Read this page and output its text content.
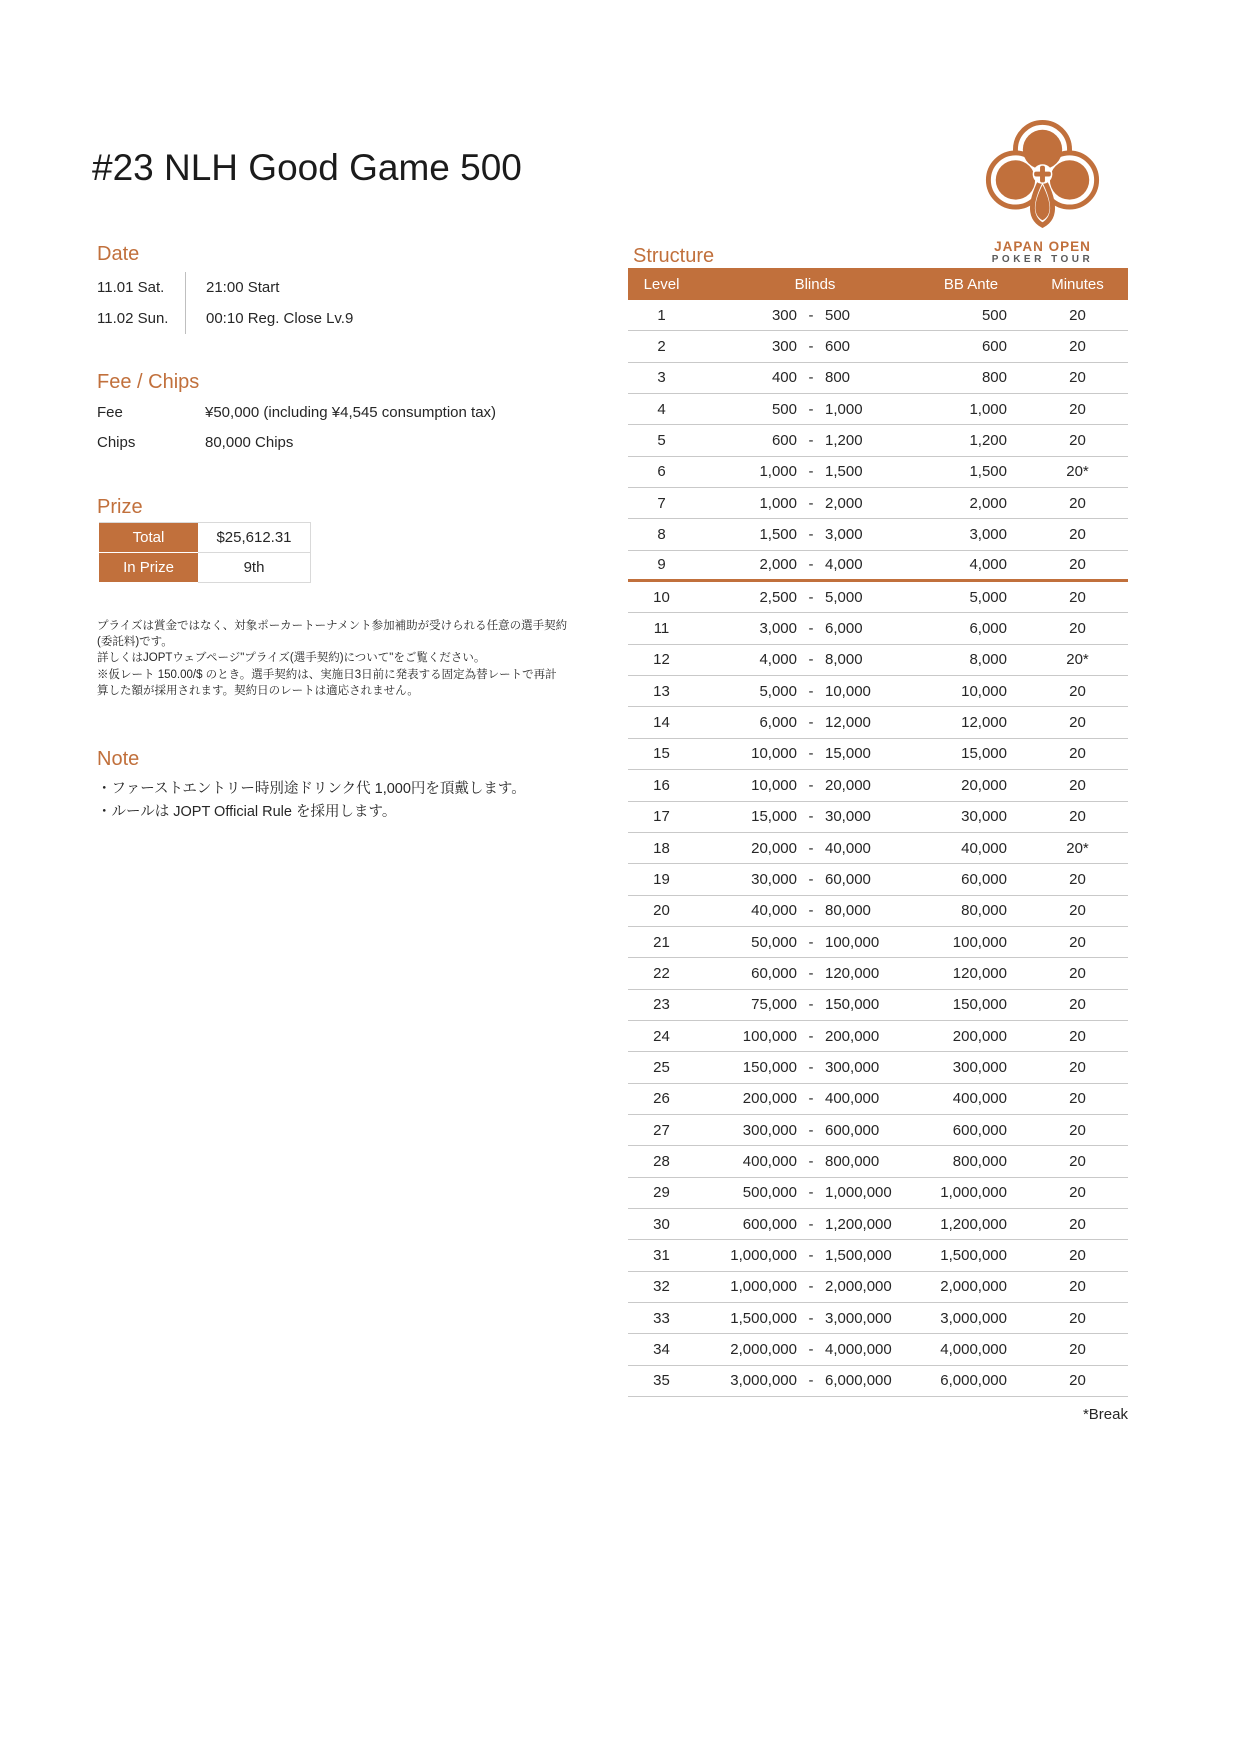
#23 NLH Good Game 500
JAPAN OPEN
POKER TOUR
Date
11.01 Sat.	21:00 Start
11.02 Sun.	00:10 Reg. Close Lv.9
Fee / Chips
Fee	¥50,000 (including ¥4,545 consumption tax)
Chips	80,000 Chips
Prize
Total	$25,612.31
In Prize	9th
プライズは賞金ではなく、対象ポーカートーナメント参加補助が受けられる任意の選手契約
(委託料)です。
詳しくはJOPTウェブページ"プライズ(選手契約)について"をご覧ください。
※仮レート 150.00/$ のとき。選手契約は、実施日3日前に発表する固定為替レートで再計
算した額が採用されます。契約日のレートは適応されません。
Note
・ファーストエントリー時別途ドリンク代 1,000円を頂戴します。
・ルールは JOPT Official Rule を採用します。
Structure
Level	Blinds	BB Ante	Minutes
1	300 - 500	500	20
2	300 - 600	600	20
3	400 - 800	800	20
4	500 - 1,000	1,000	20
5	600 - 1,200	1,200	20
6	1,000 - 1,500	1,500	20*
7	1,000 - 2,000	2,000	20
8	1,500 - 3,000	3,000	20
9	2,000 - 4,000	4,000	20
10	2,500 - 5,000	5,000	20
11	3,000 - 6,000	6,000	20
12	4,000 - 8,000	8,000	20*
13	5,000 - 10,000	10,000	20
14	6,000 - 12,000	12,000	20
15	10,000 - 15,000	15,000	20
16	10,000 - 20,000	20,000	20
17	15,000 - 30,000	30,000	20
18	20,000 - 40,000	40,000	20*
19	30,000 - 60,000	60,000	20
20	40,000 - 80,000	80,000	20
21	50,000 - 100,000	100,000	20
22	60,000 - 120,000	120,000	20
23	75,000 - 150,000	150,000	20
24	100,000 - 200,000	200,000	20
25	150,000 - 300,000	300,000	20
26	200,000 - 400,000	400,000	20
27	300,000 - 600,000	600,000	20
28	400,000 - 800,000	800,000	20
29	500,000 - 1,000,000	1,000,000	20
30	600,000 - 1,200,000	1,200,000	20
31	1,000,000 - 1,500,000	1,500,000	20
32	1,000,000 - 2,000,000	2,000,000	20
33	1,500,000 - 3,000,000	3,000,000	20
34	2,000,000 - 4,000,000	4,000,000	20
35	3,000,000 - 6,000,000	6,000,000	20
*Break
